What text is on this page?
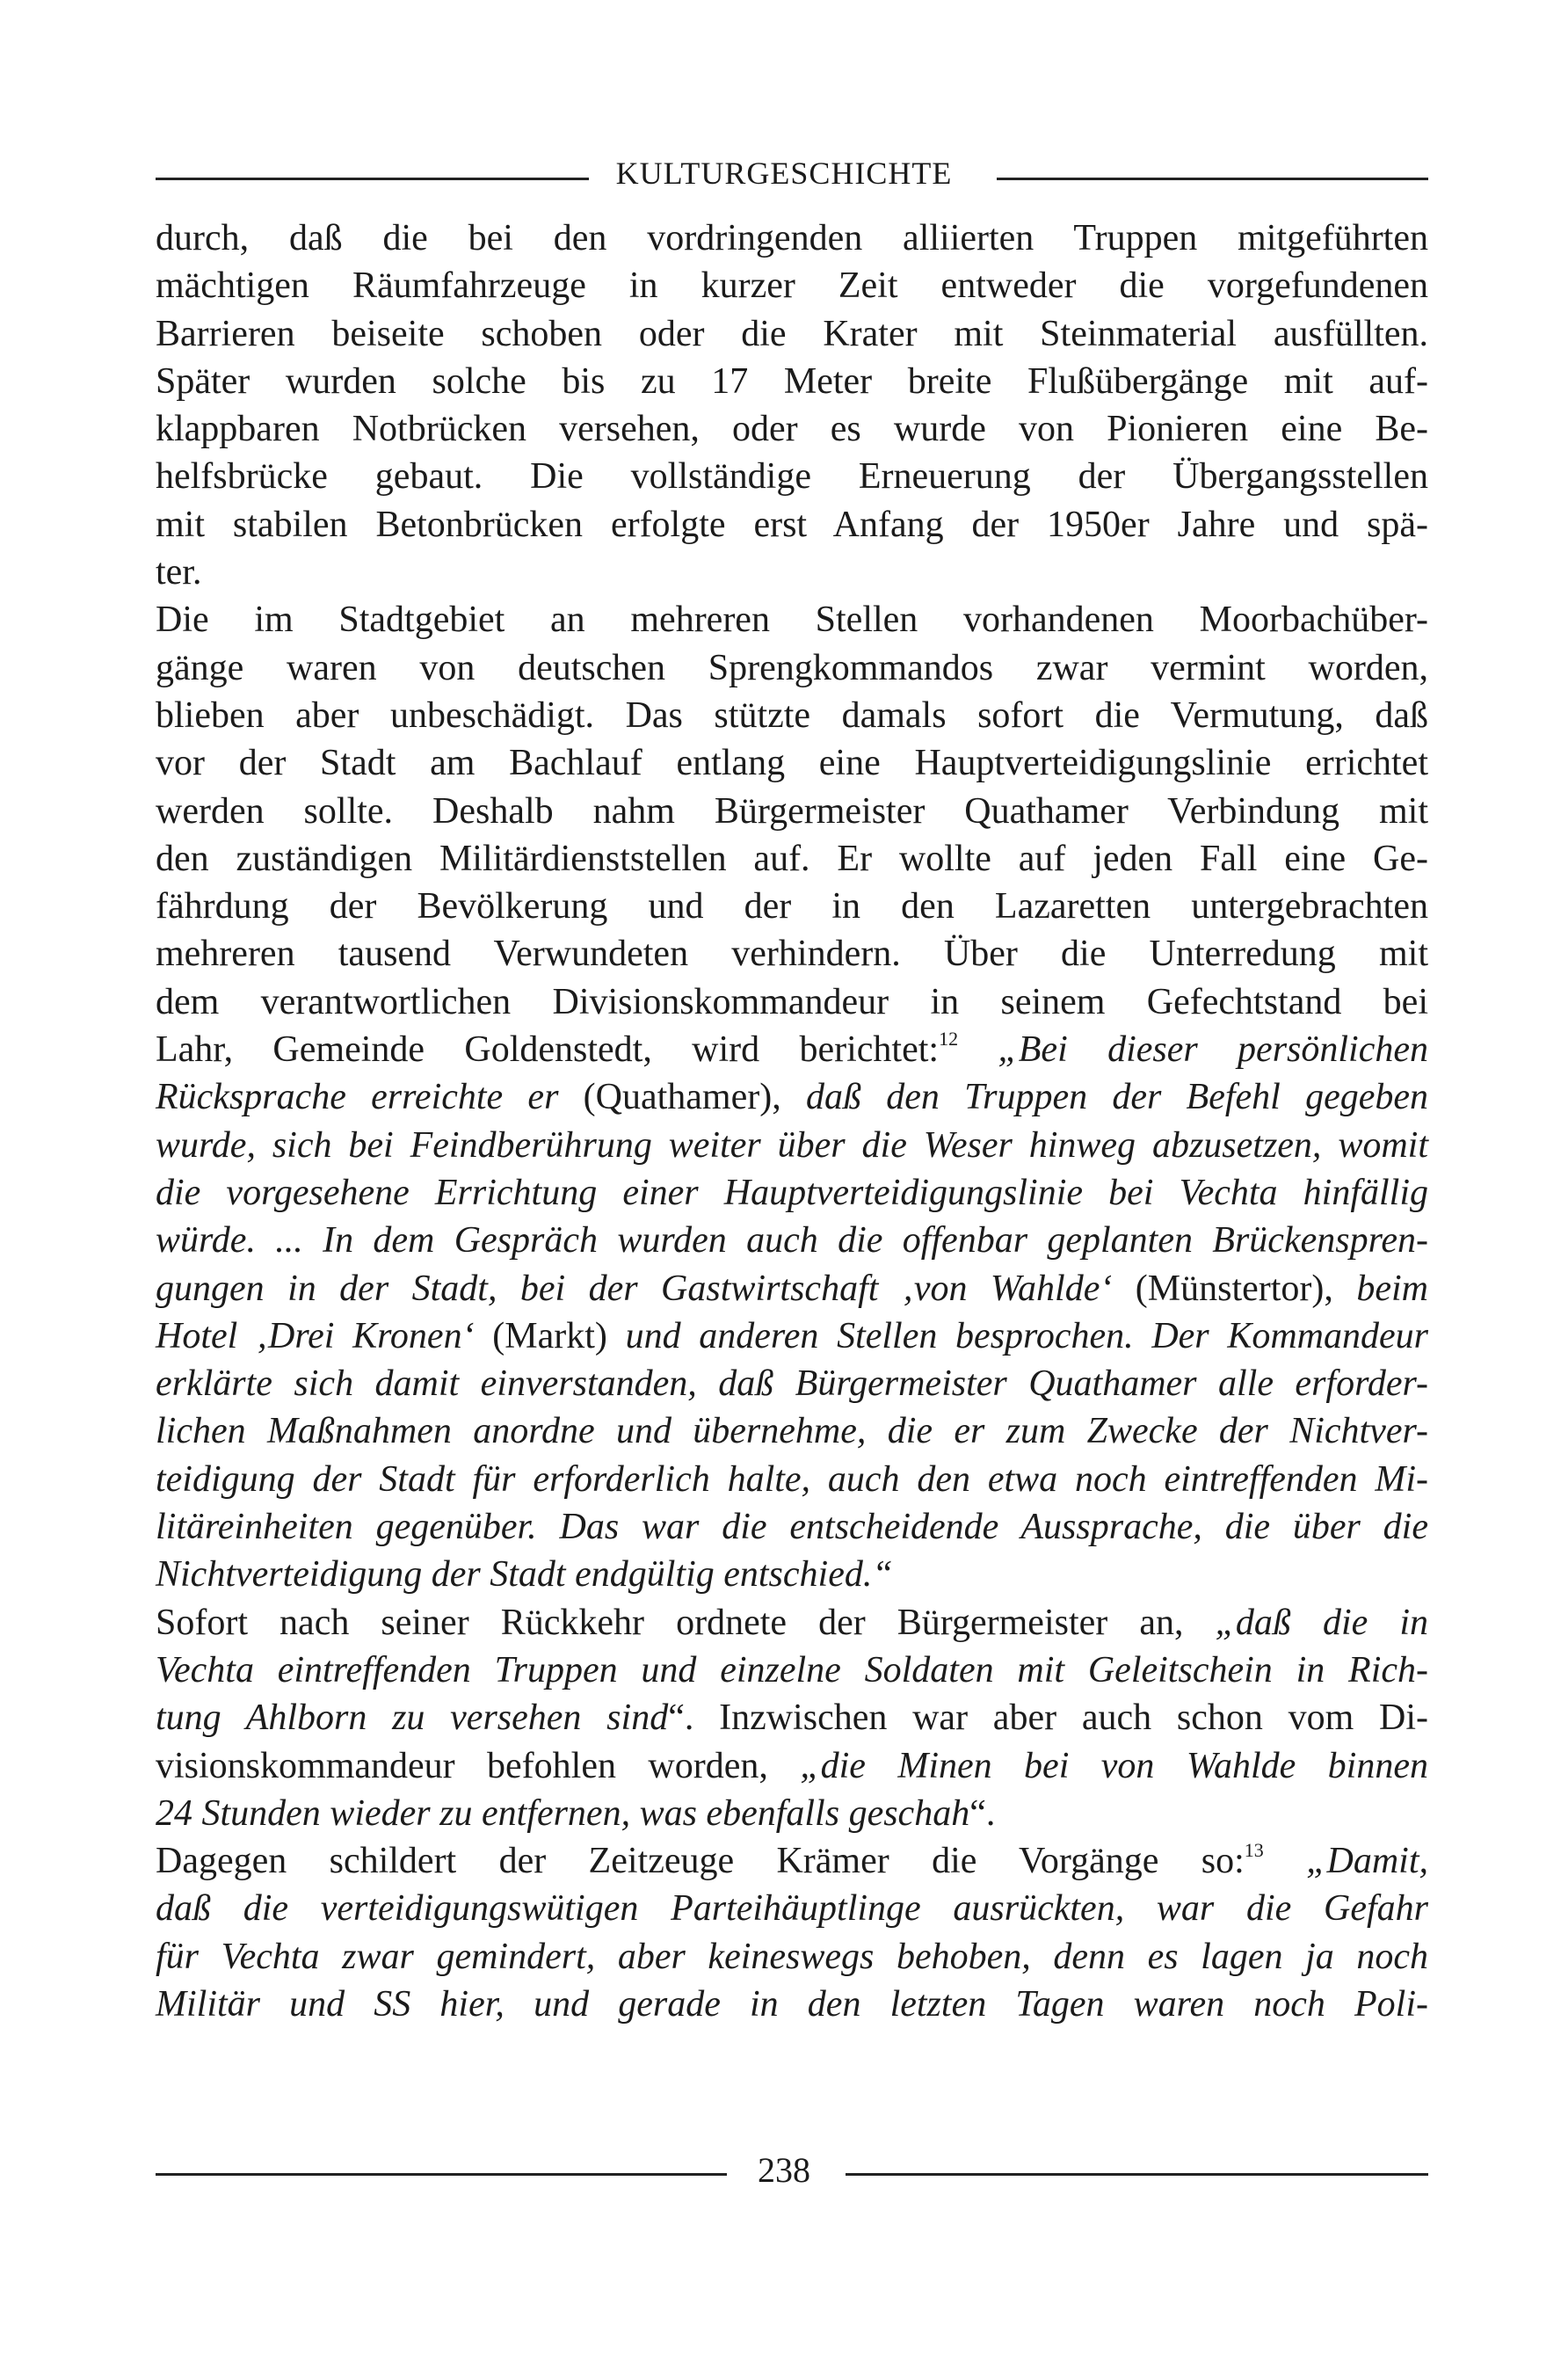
KULTURGESCHICHTE
durch, daß die bei den vordringenden alliierten Truppen mitgeführten
mächtigen Räumfahrzeuge in kurzer Zeit entweder die vorgefundenen
Barrieren beiseite schoben oder die Krater mit Steinmaterial ausfüllten.
Später wurden solche bis zu 17 Meter breite Flußübergänge mit auf-
klappbaren Notbrücken versehen, oder es wurde von Pionieren eine Be-
helfsbrücke gebaut. Die vollständige Erneuerung der Übergangsstellen
mit stabilen Betonbrücken erfolgte erst Anfang der 1950er Jahre und spä-
ter.
Die im Stadtgebiet an mehreren Stellen vorhandenen Moorbachüber-
gänge waren von deutschen Sprengkommandos zwar vermint worden,
blieben aber unbeschädigt. Das stützte damals sofort die Vermutung, daß
vor der Stadt am Bachlauf entlang eine Hauptverteidigungslinie errichtet
werden sollte. Deshalb nahm Bürgermeister Quathamer Verbindung mit
den zuständigen Militärdienststellen auf. Er wollte auf jeden Fall eine Ge-
fährdung der Bevölkerung und der in den Lazaretten untergebrachten
mehreren tausend Verwundeten verhindern. Über die Unterredung mit
dem verantwortlichen Divisionskommandeur in seinem Gefechtstand bei
Lahr, Gemeinde Goldenstedt, wird berichtet:$^{12}$ „Bei dieser persönlichen
Rücksprache erreichte er (Quathamer), daß den Truppen der Befehl gegeben
wurde, sich bei Feindberührung weiter über die Weser hinweg abzusetzen, womit
die vorgesehene Errichtung einer Hauptverteidigungslinie bei Vechta hinfällig
würde. ... In dem Gespräch wurden auch die offenbar geplanten Brückenspren-
gungen in der Stadt, bei der Gastwirtschaft ‚von Wahlde‘ (Münstertor), beim
Hotel ‚Drei Kronen‘ (Markt) und anderen Stellen besprochen. Der Kommandeur
erklärte sich damit einverstanden, daß Bürgermeister Quathamer alle erforder-
lichen Maßnahmen anordne und übernehme, die er zum Zwecke der Nichtver-
teidigung der Stadt für erforderlich halte, auch den etwa noch eintreffenden Mi-
litäreinheiten gegenüber. Das war die entscheidende Aussprache, die über die
Nichtverteidigung der Stadt endgültig entschied.“
Sofort nach seiner Rückkehr ordnete der Bürgermeister an, „daß die in
Vechta eintreffenden Truppen und einzelne Soldaten mit Geleitschein in Rich-
tung Ahlborn zu versehen sind“. Inzwischen war aber auch schon vom Di-
visionskommandeur befohlen worden, „die Minen bei von Wahlde binnen
24 Stunden wieder zu entfernen, was ebenfalls geschah“.
Dagegen schildert der Zeitzeuge Krämer die Vorgänge so:$^{13}$ „Damit,
daß die verteidigungswütigen Parteihäuptlinge ausrückten, war die Gefahr
für Vechta zwar gemindert, aber keineswegs behoben, denn es lagen ja noch
Militär und SS hier, und gerade in den letzten Tagen waren noch Poli-
238
